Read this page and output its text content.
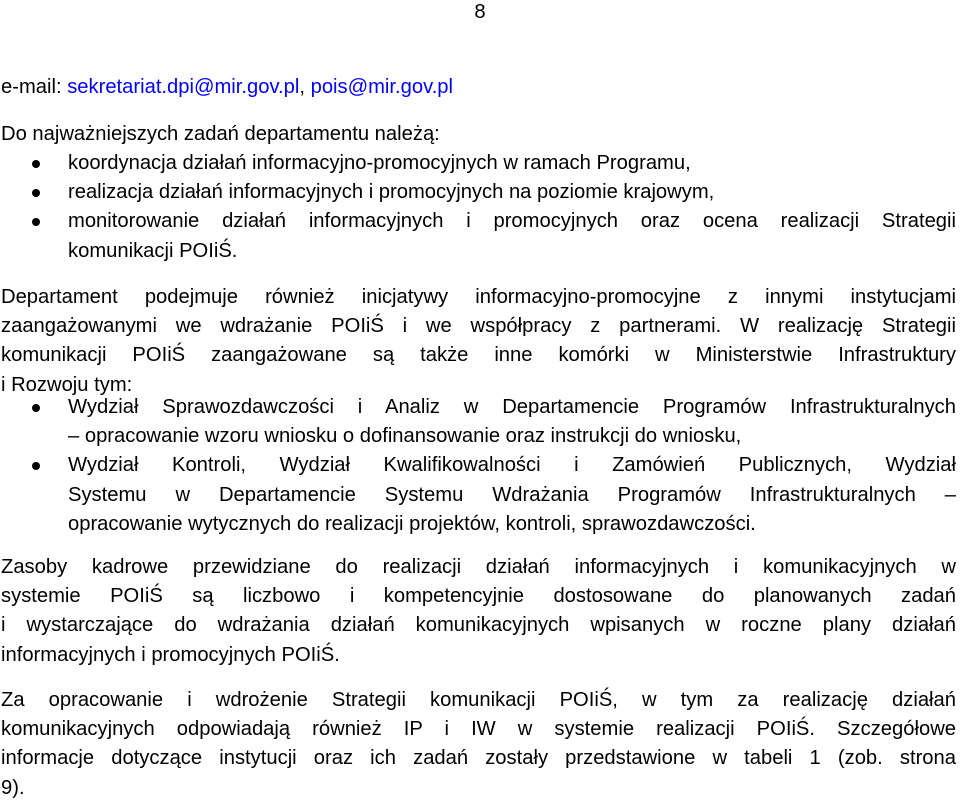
8
e-mail: sekretariat.dpi@mir.gov.pl, pois@mir.gov.pl

Do najważniejszych zadań departamentu należą:

koordynacja działań informacyjno-promocyjnych w ramach Programu,
realizacja działań informacyjnych i promocyjnych na poziomie krajowym,
monitorowanie działań informacyjnych i promocyjnych oraz ocena realizacji Strategii
komunikacji POIiŚ.
Departament podejmuje również inicjatywy informacyjno-promocyjne z innymi instytucjami
zaangażowanymi we wdrażanie POIiŚ i we współpracy z partnerami. W realizację Strategii
komunikacji POIiŚ zaangażowane są także inne komórki w Ministerstwie Infrastruktury
i Rozwoju tym:
Wydział Sprawozdawczości i Analiz w Departamencie Programów Infrastrukturalnych
– opracowanie wzoru wniosku o dofinansowanie oraz instrukcji do wniosku,
Wydział Kontroli, Wydział Kwalifikowalności i Zamówień Publicznych, Wydział
Systemu w Departamencie Systemu Wdrażania Programów Infrastrukturalnych –
opracowanie wytycznych do realizacji projektów, kontroli, sprawozdawczości.
Zasoby kadrowe przewidziane do realizacji działań informacyjnych i komunikacyjnych w
systemie POIiŚ są liczbowo i kompetencyjnie dostosowane do planowanych zadań
i wystarczające do wdrażania działań komunikacyjnych wpisanych w roczne plany działań
informacyjnych i promocyjnych POIiŚ.
Za opracowanie i wdrożenie Strategii komunikacji POIiŚ, w tym za realizację działań
komunikacyjnych odpowiadają również IP i IW w systemie realizacji POIiŚ. Szczegółowe
informacje dotyczące instytucji oraz ich zadań zostały przedstawione w tabeli 1 (zob. strona
9).
